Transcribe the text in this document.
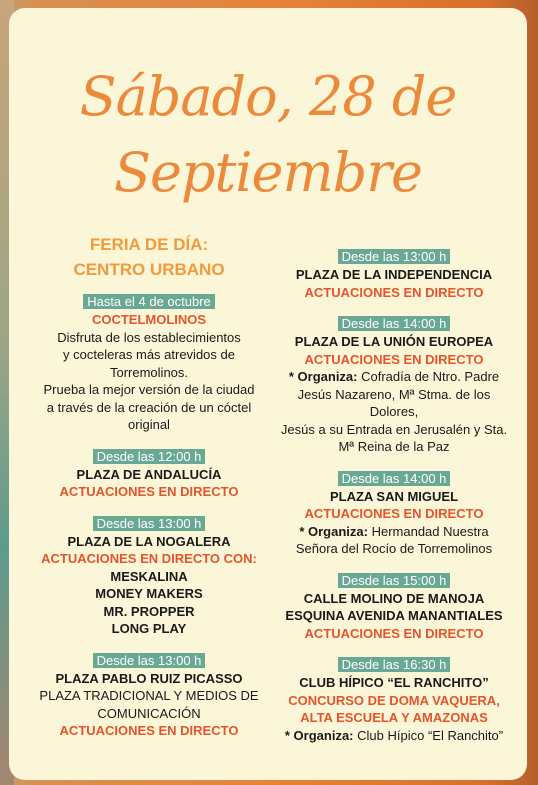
Sábado, 28 de
Septiembre
FERIA DE DÍA:
CENTRO URBANO
Hasta el 4 de octubre
COCTELMOLINOS
Disfruta de los establecimientos
y cocteleras más atrevidos de
Torremolinos.
Prueba la mejor versión de la ciudad
a través de la creación de un cóctel
original
Desde las 12:00 h
PLAZA DE ANDALUCÍA
ACTUACIONES EN DIRECTO
Desde las 13:00 h
PLAZA DE LA NOGALERA
ACTUACIONES EN DIRECTO CON:
MESKALINA
MONEY MAKERS
MR. PROPPER
LONG PLAY
Desde las 13:00 h
PLAZA PABLO RUIZ PICASSO
PLAZA TRADICIONAL Y MEDIOS DE
COMUNICACIÓN
ACTUACIONES EN DIRECTO
Desde las 13:00 h
PLAZA DE LA INDEPENDENCIA
ACTUACIONES EN DIRECTO
Desde las 14:00 h
PLAZA DE LA UNIÓN EUROPEA
ACTUACIONES EN DIRECTO
* Organiza: Cofradía de Ntro. Padre
Jesús Nazareno, Mª Stma. de los
Dolores,
Jesús a su Entrada en Jerusalén y Sta.
Mª Reina de la Paz
Desde las 14:00 h
PLAZA SAN MIGUEL
ACTUACIONES EN DIRECTO
* Organiza: Hermandad Nuestra
Señora del Rocío de Torremolinos
Desde las 15:00 h
CALLE MOLINO DE MANOJA
ESQUINA AVENIDA MANANTIALES
ACTUACIONES EN DIRECTO
Desde las 16:30 h
CLUB HÍPICO “EL RANCHITO”
CONCURSO DE DOMA VAQUERA,
ALTA ESCUELA Y AMAZONAS
* Organiza: Club Hípico “El Ranchito”
